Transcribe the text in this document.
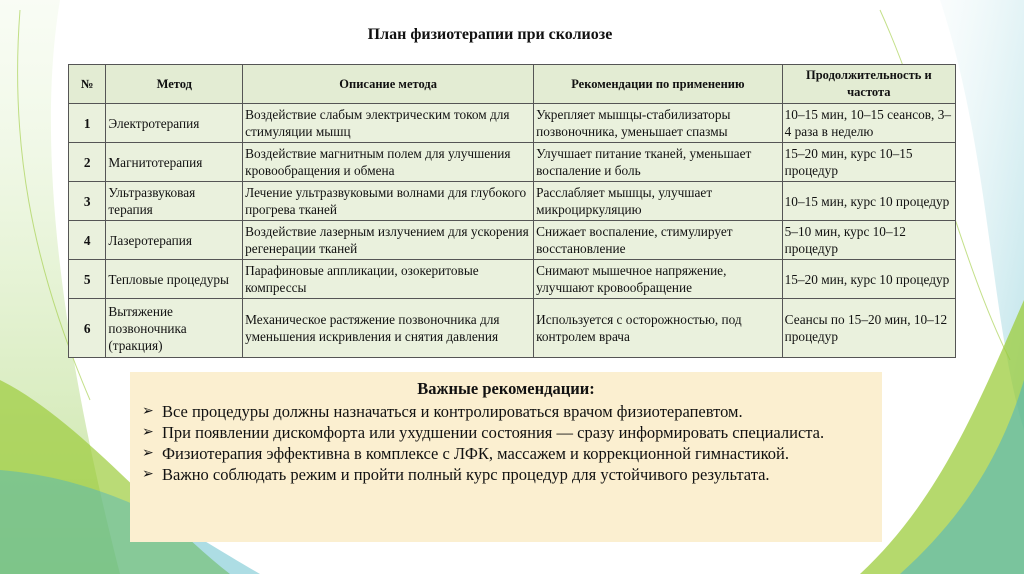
План физиотерапии при сколиозе
№	Метод	Описание метода	Рекомендации по применению	Продолжительность и частота
1	Электротерапия	Воздействие слабым электрическим током для стимуляции мышц	Укрепляет мышцы-стабилизаторы позвоночника, уменьшает спазмы	10–15 мин, 10–15 сеансов, 3–4 раза в неделю
2	Магнитотерапия	Воздействие магнитным полем для улучшения кровообращения и обмена	Улучшает питание тканей, уменьшает воспаление и боль	15–20 мин, курс 10–15 процедур
3	Ультразвуковая терапия	Лечение ультразвуковыми волнами для глубокого прогрева тканей	Расслабляет мышцы, улучшает микроциркуляцию	10–15 мин, курс 10 процедур
4	Лазеротерапия	Воздействие лазерным излучением для ускорения регенерации тканей	Снижает воспаление, стимулирует восстановление	5–10 мин, курс 10–12 процедур
5	Тепловые процедуры	Парафиновые аппликации, озокеритовые компрессы	Снимают мышечное напряжение, улучшают кровообращение	15–20 мин, курс 10 процедур
6	Вытяжение позвоночника (тракция)	Механическое растяжение позвоночника для уменьшения искривления и снятия давления	Используется с осторожностью, под контролем врача	Сеансы по 15–20 мин, 10–12 процедур
Важные рекомендации:
➢ Все процедуры должны назначаться и контролироваться врачом физиотерапевтом.
➢ При появлении дискомфорта или ухудшении состояния — сразу информировать специалиста.
➢ Физиотерапия эффективна в комплексе с ЛФК, массажем и коррекционной гимнастикой.
➢ Важно соблюдать режим и пройти полный курс процедур для устойчивого результата.
